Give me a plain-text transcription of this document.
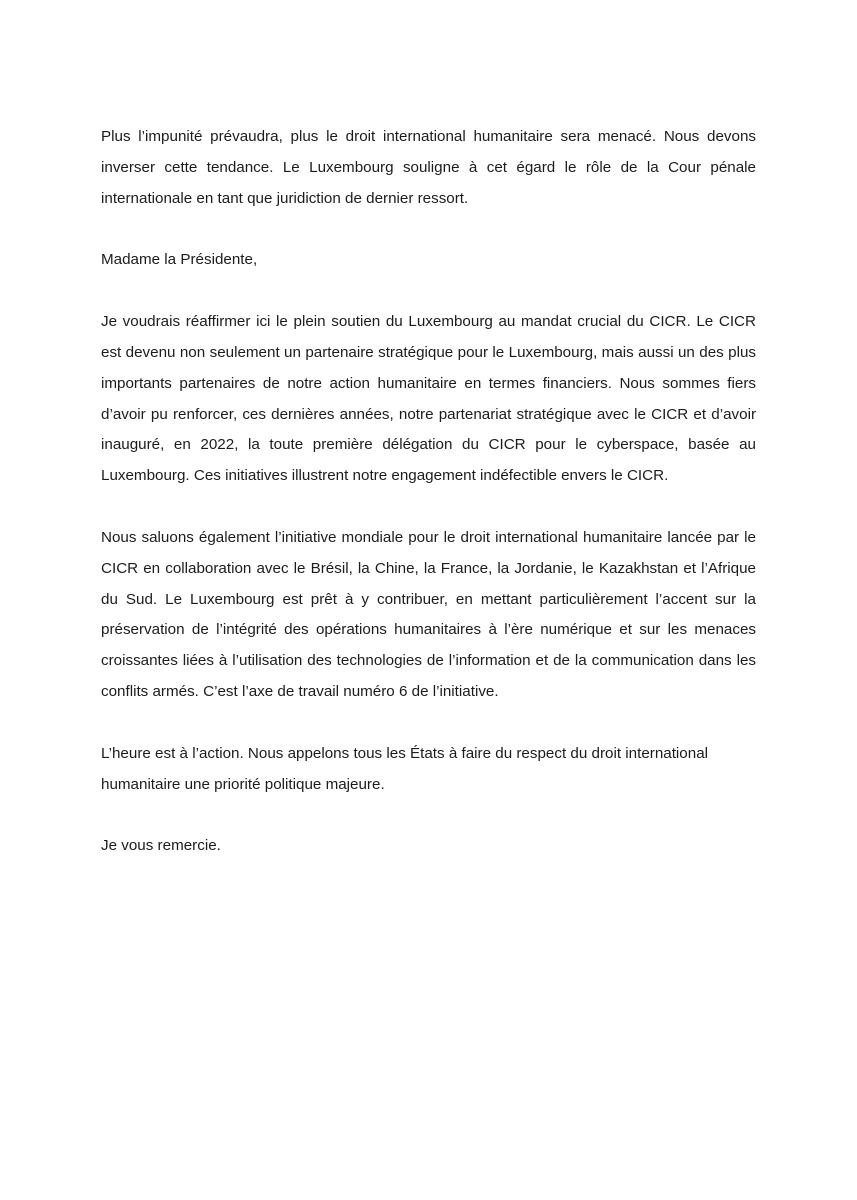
Plus l’impunité prévaudra, plus le droit international humanitaire sera menacé. Nous devons inverser cette tendance. Le Luxembourg souligne à cet égard le rôle de la Cour pénale internationale en tant que juridiction de dernier ressort.

Madame la Présidente,

Je voudrais réaffirmer ici le plein soutien du Luxembourg au mandat crucial du CICR. Le CICR est devenu non seulement un partenaire stratégique pour le Luxembourg, mais aussi un des plus importants partenaires de notre action humanitaire en termes financiers. Nous sommes fiers d’avoir pu renforcer, ces dernières années, notre partenariat stratégique avec le CICR et d’avoir inauguré, en 2022, la toute première délégation du CICR pour le cyberspace, basée au Luxembourg. Ces initiatives illustrent notre engagement indéfectible envers le CICR.

Nous saluons également l’initiative mondiale pour le droit international humanitaire lancée par le CICR en collaboration avec le Brésil, la Chine, la France, la Jordanie, le Kazakhstan et l’Afrique du Sud. Le Luxembourg est prêt à y contribuer, en mettant particulièrement l’accent sur la préservation de l’intégrité des opérations humanitaires à l’ère numérique et sur les menaces croissantes liées à l’utilisation des technologies de l’information et de la communication dans les conflits armés. C’est l’axe de travail numéro 6 de l’initiative.

L’heure est à l’action. Nous appelons tous les États à faire du respect du droit international humanitaire une priorité politique majeure.

Je vous remercie.
